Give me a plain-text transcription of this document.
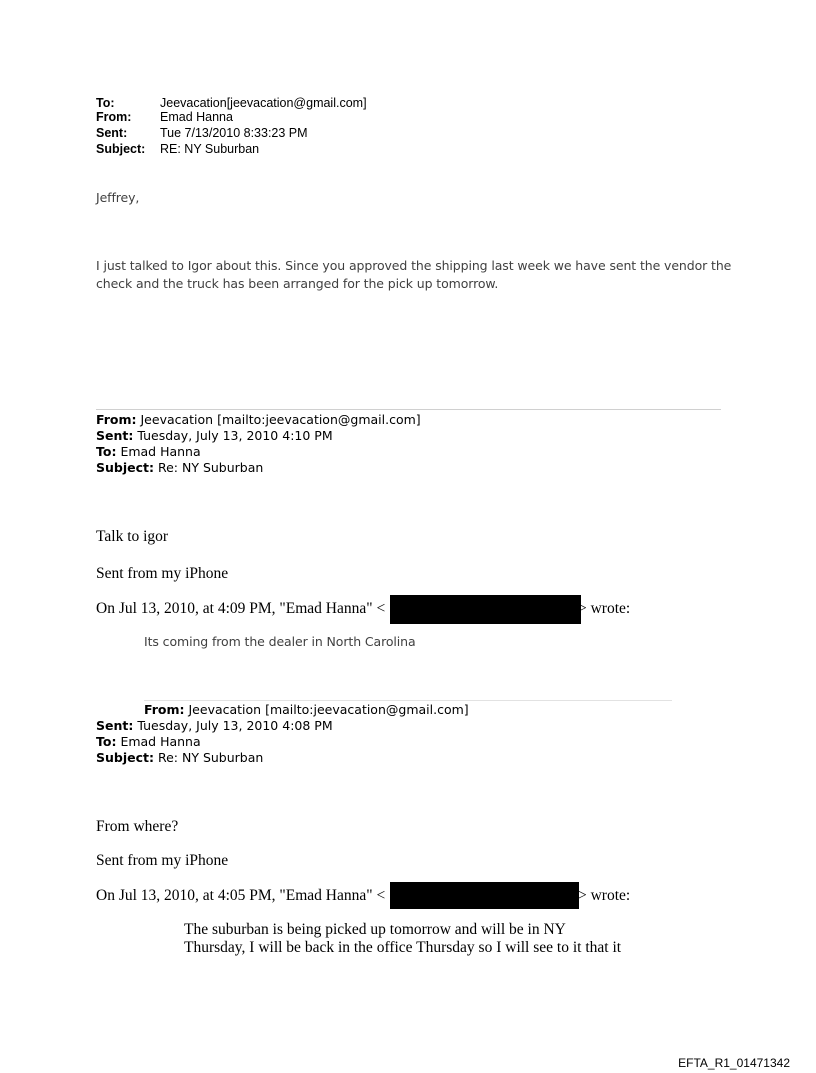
To:	Jeevacation[jeevacation@gmail.com]
From: Emad Hanna
Sent:	Tue 7/13/2010 8:33:23 PM
Subject: RE: NY Suburban
Jeffrey,
I just talked to Igor about this. Since you approved the shipping last week we have sent the vendor the
check and the truck has been arranged for the pick up tomorrow.
From: Jeevacation [mailto:jeevacation@gmail.com]
Sent: Tuesday, July 13, 2010 4:10 PM
To: Emad Hanna
Subject: Re: NY Suburban
Talk to igor
Sent from my iPhone
On Jul 13, 2010, at 4:09 PM, "Emad Hanna" <	> wrote:
Its coming from the dealer in North Carolina
From: Jeevacation [mailto:jeevacation@gmail.com]
Sent: Tuesday, July 13, 2010 4:08 PM
To: Emad Hanna
Subject: Re: NY Suburban
From where?
Sent from my iPhone
On Jul 13, 2010, at 4:05 PM, "Emad Hanna" <	> wrote:
The suburban is being picked up tomorrow and will be in NY
Thursday, I will be back in the office Thursday so I will see to it that it
EFTA_R1_01471342
